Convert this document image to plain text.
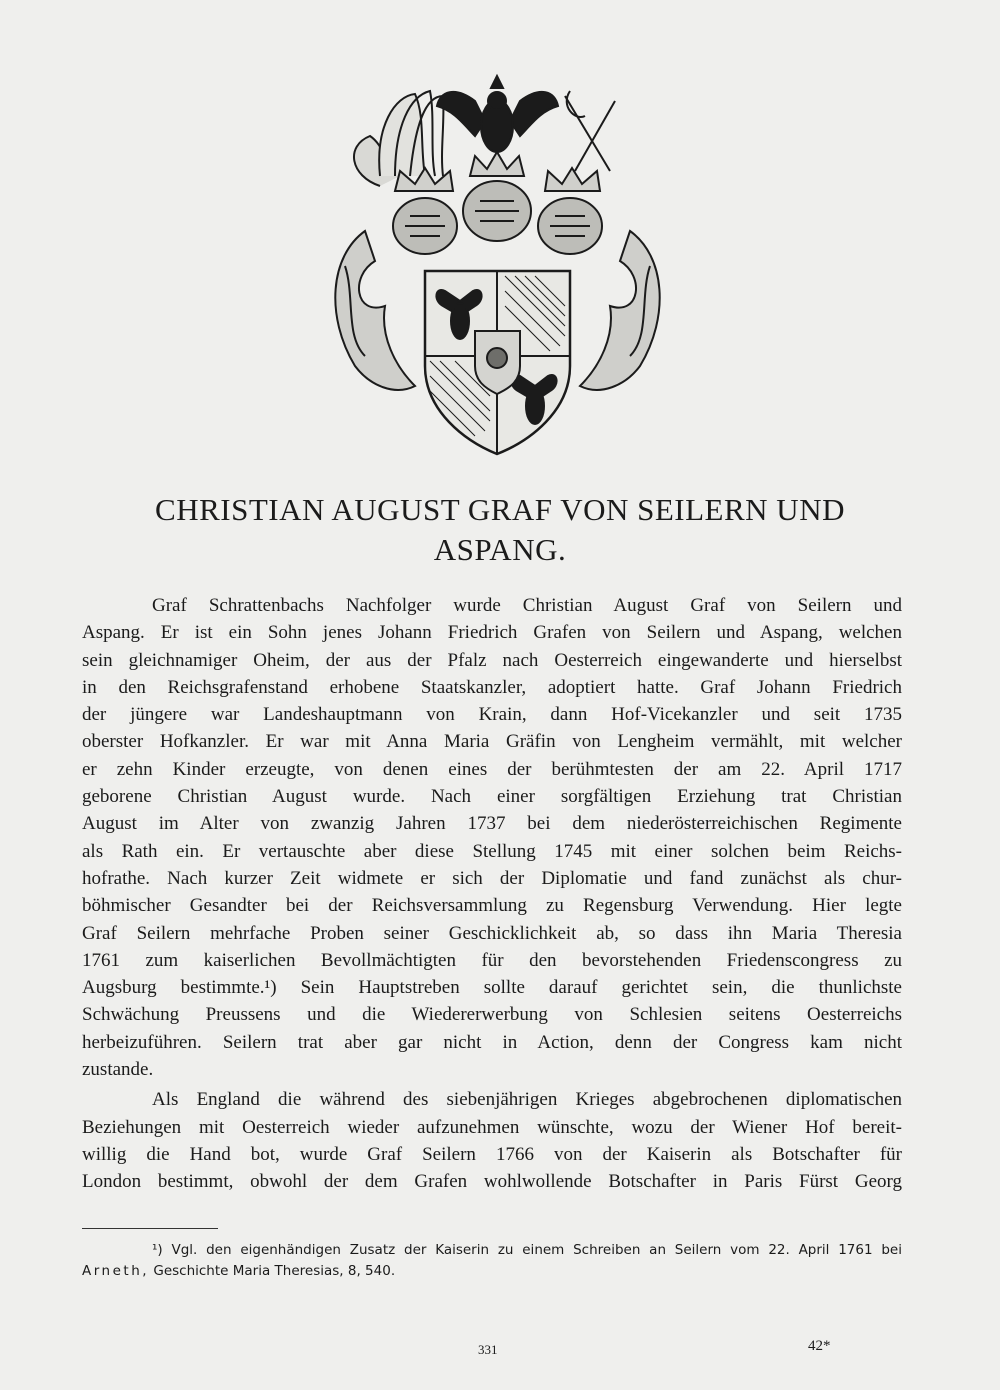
CHRISTIAN AUGUST GRAF VON SEILERN UND
ASPANG.

Graf Schrattenbachs Nachfolger wurde Christian August Graf von Seilern und
Aspang. Er ist ein Sohn jenes Johann Friedrich Grafen von Seilern und Aspang, welchen
sein gleichnamiger Oheim, der aus der Pfalz nach Oesterreich eingewanderte und hierselbst
in den Reichsgrafenstand erhobene Staatskanzler, adoptiert hatte. Graf Johann Friedrich
der jüngere war Landeshauptmann von Krain, dann Hof-Vicekanzler und seit 1735
oberster Hofkanzler. Er war mit Anna Maria Gräfin von Lengheim vermählt, mit welcher
er zehn Kinder erzeugte, von denen eines der berühmtesten der am 22. April 1717
geborene Christian August wurde. Nach einer sorgfältigen Erziehung trat Christian
August im Alter von zwanzig Jahren 1737 bei dem niederösterreichischen Regimente
als Rath ein. Er vertauschte aber diese Stellung 1745 mit einer solchen beim Reichs-
hofrathe. Nach kurzer Zeit widmete er sich der Diplomatie und fand zunächst als chur-
böhmischer Gesandter bei der Reichsversammlung zu Regensburg Verwendung. Hier legte
Graf Seilern mehrfache Proben seiner Geschicklichkeit ab, so dass ihn Maria Theresia
1761 zum kaiserlichen Bevollmächtigten für den bevorstehenden Friedenscongress zu
Augsburg bestimmte.¹) Sein Hauptstreben sollte darauf gerichtet sein, die thunlichste
Schwächung Preussens und die Wiedererwerbung von Schlesien seitens Oesterreichs
herbeizuführen. Seilern trat aber gar nicht in Action, denn der Congress kam nicht
zustande.

Als England die während des siebenjährigen Krieges abgebrochenen diplomatischen
Beziehungen mit Oesterreich wieder aufzunehmen wünschte, wozu der Wiener Hof bereit-
willig die Hand bot, wurde Graf Seilern 1766 von der Kaiserin als Botschafter für
London bestimmt, obwohl der dem Grafen wohlwollende Botschafter in Paris Fürst Georg

¹) Vgl. den eigenhändigen Zusatz der Kaiserin zu einem Schreiben an Seilern vom 22. April 1761 bei
Arneth, Geschichte Maria Theresias, 8, 540.
331	42*
